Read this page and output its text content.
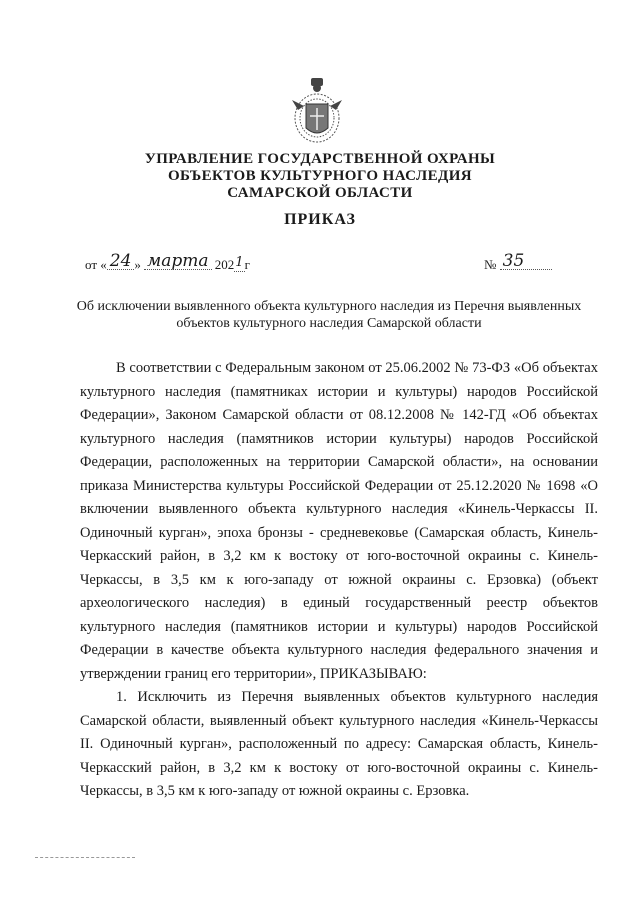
УПРАВЛЕНИЕ ГОСУДАРСТВЕННОЙ ОХРАНЫ
ОБЪЕКТОВ КУЛЬТУРНОГО НАСЛЕДИЯ
САМАРСКОЙ ОБЛАСТИ
ПРИКАЗ
от « 24 » марта 2021г	№ 35
Об исключении выявленного объекта культурного наследия из Перечня выявленных
объектов культурного наследия Самарской области

В соответствии с Федеральным законом от 25.06.2002 № 73-ФЗ «Об объектах культурного наследия (памятниках истории и культуры) народов Российской Федерации», Законом Самарской области от 08.12.2008 № 142-ГД «Об объектах культурного наследия (памятников истории культуры) народов Российской Федерации, расположенных на территории Самарской области», на основании приказа Министерства культуры Российской Федерации от 25.12.2020 № 1698 «О включении выявленного объекта культурного наследия «Кинель-Черкассы II. Одиночный курган», эпоха бронзы - средневековье (Самарская область, Кинель-Черкасский район, в 3,2 км к востоку от юго-восточной окраины с. Кинель-Черкассы, в 3,5 км к юго-западу от южной окраины с. Ерзовка) (объект археологического наследия) в единый государственный реестр объектов культурного наследия (памятников истории и культуры) народов Российской Федерации в качестве объекта культурного наследия федерального значения и утверждении границ его территории», ПРИКАЗЫВАЮ:

1. Исключить из Перечня выявленных объектов культурного наследия Самарской области, выявленный объект культурного наследия «Кинель-Черкассы II. Одиночный курган», расположенный по адресу: Самарская область, Кинель-Черкасский район, в 3,2 км к востоку от юго-восточной окраины с. Кинель-Черкассы, в 3,5 км к юго-западу от южной окраины с. Ерзовка.
